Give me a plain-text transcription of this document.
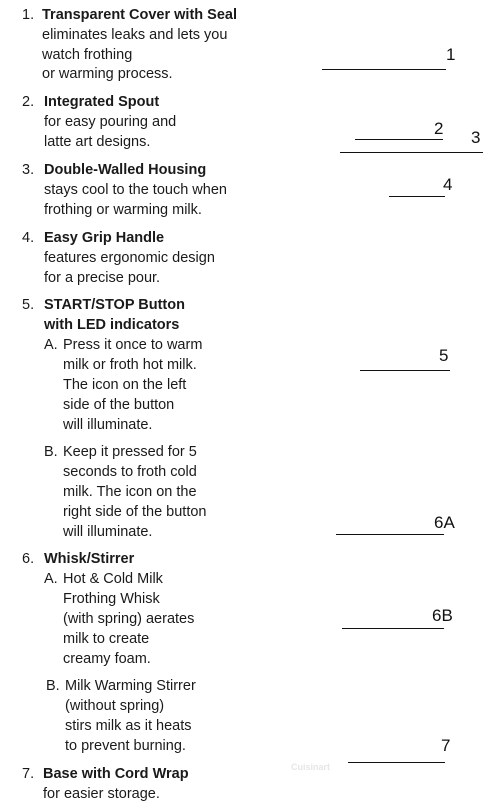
1. Transparent Cover with Seal
eliminates leaks and lets you
watch frothing
or warming process.
2. Integrated Spout
for easy pouring and
latte art designs.
3. Double-Walled Housing
stays cool to the touch when
frothing or warming milk.
4. Easy Grip Handle
features ergonomic design
for a precise pour.
5. START/STOP Button
with LED indicators
A. Press it once to warm
milk or froth hot milk.
The icon on the left
side of the button
will illuminate.
B. Keep it pressed for 5
seconds to froth cold
milk. The icon on the
right side of the button
will illuminate.
6. Whisk/Stirrer
A. Hot & Cold Milk
Frothing Whisk
(with spring) aerates
milk to create
creamy foam.
B. Milk Warming Stirrer
(without spring)
stirs milk as it heats
to prevent burning.
7. Base with Cord Wrap
for easier storage.
Cuisinart
1
2 3
4
5
6A
6B
7
